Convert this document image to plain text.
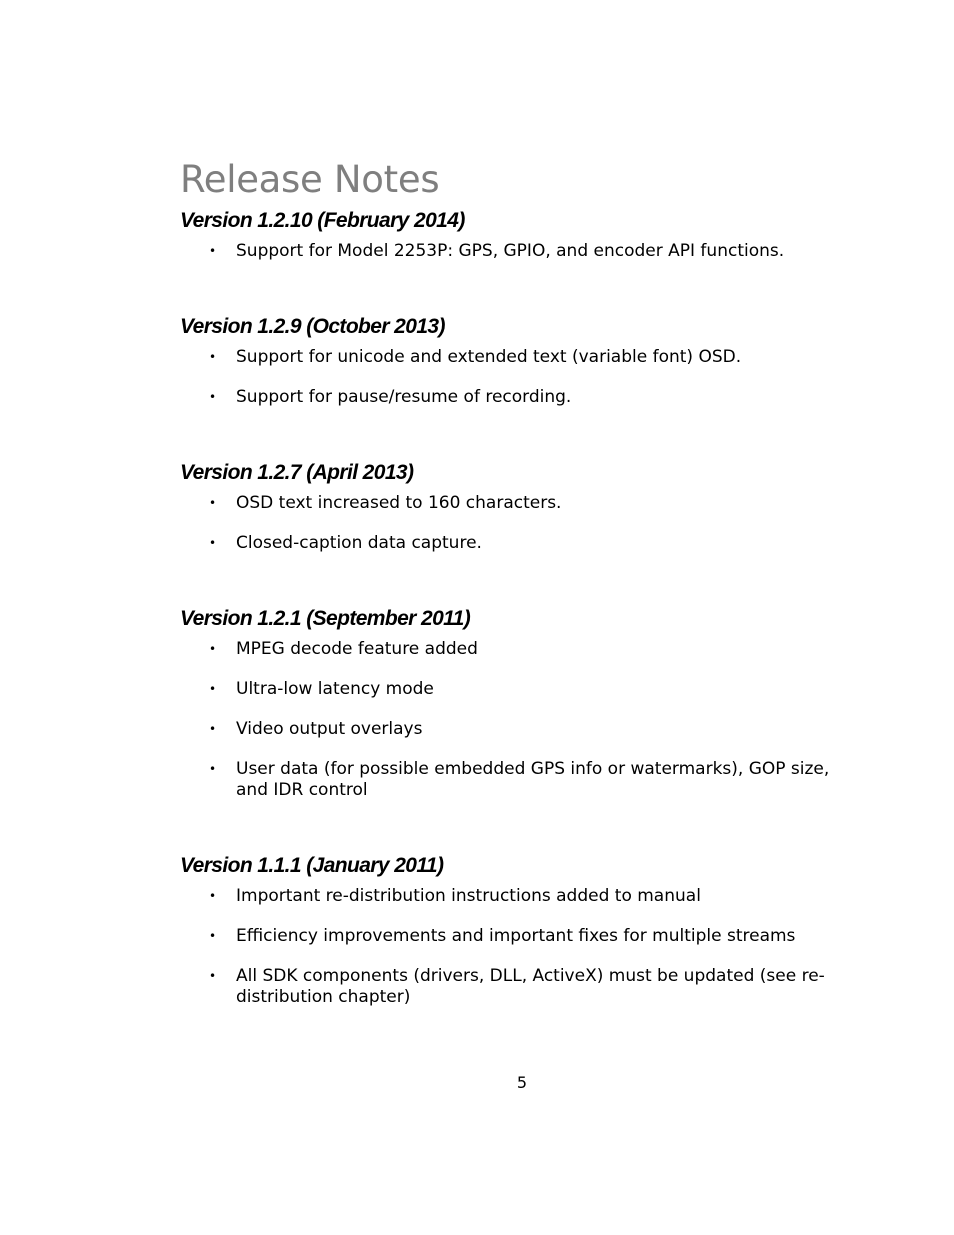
Release Notes
Version 1.2.10 (February 2014)
• Support for Model 2253P: GPS, GPIO, and encoder API functions.
Version 1.2.9 (October 2013)
• Support for unicode and extended text (variable font) OSD.
• Support for pause/resume of recording.
Version 1.2.7 (April 2013)
• OSD text increased to 160 characters.
• Closed-caption data capture.
Version 1.2.1 (September 2011)
• MPEG decode feature added
• Ultra-low latency mode
• Video output overlays
• User data (for possible embedded GPS info or watermarks), GOP size, and IDR control
Version 1.1.1 (January 2011)
• Important re-distribution instructions added to manual
• Efficiency improvements and important fixes for multiple streams
• All SDK components (drivers, DLL, ActiveX) must be updated (see re-distribution chapter)
5
